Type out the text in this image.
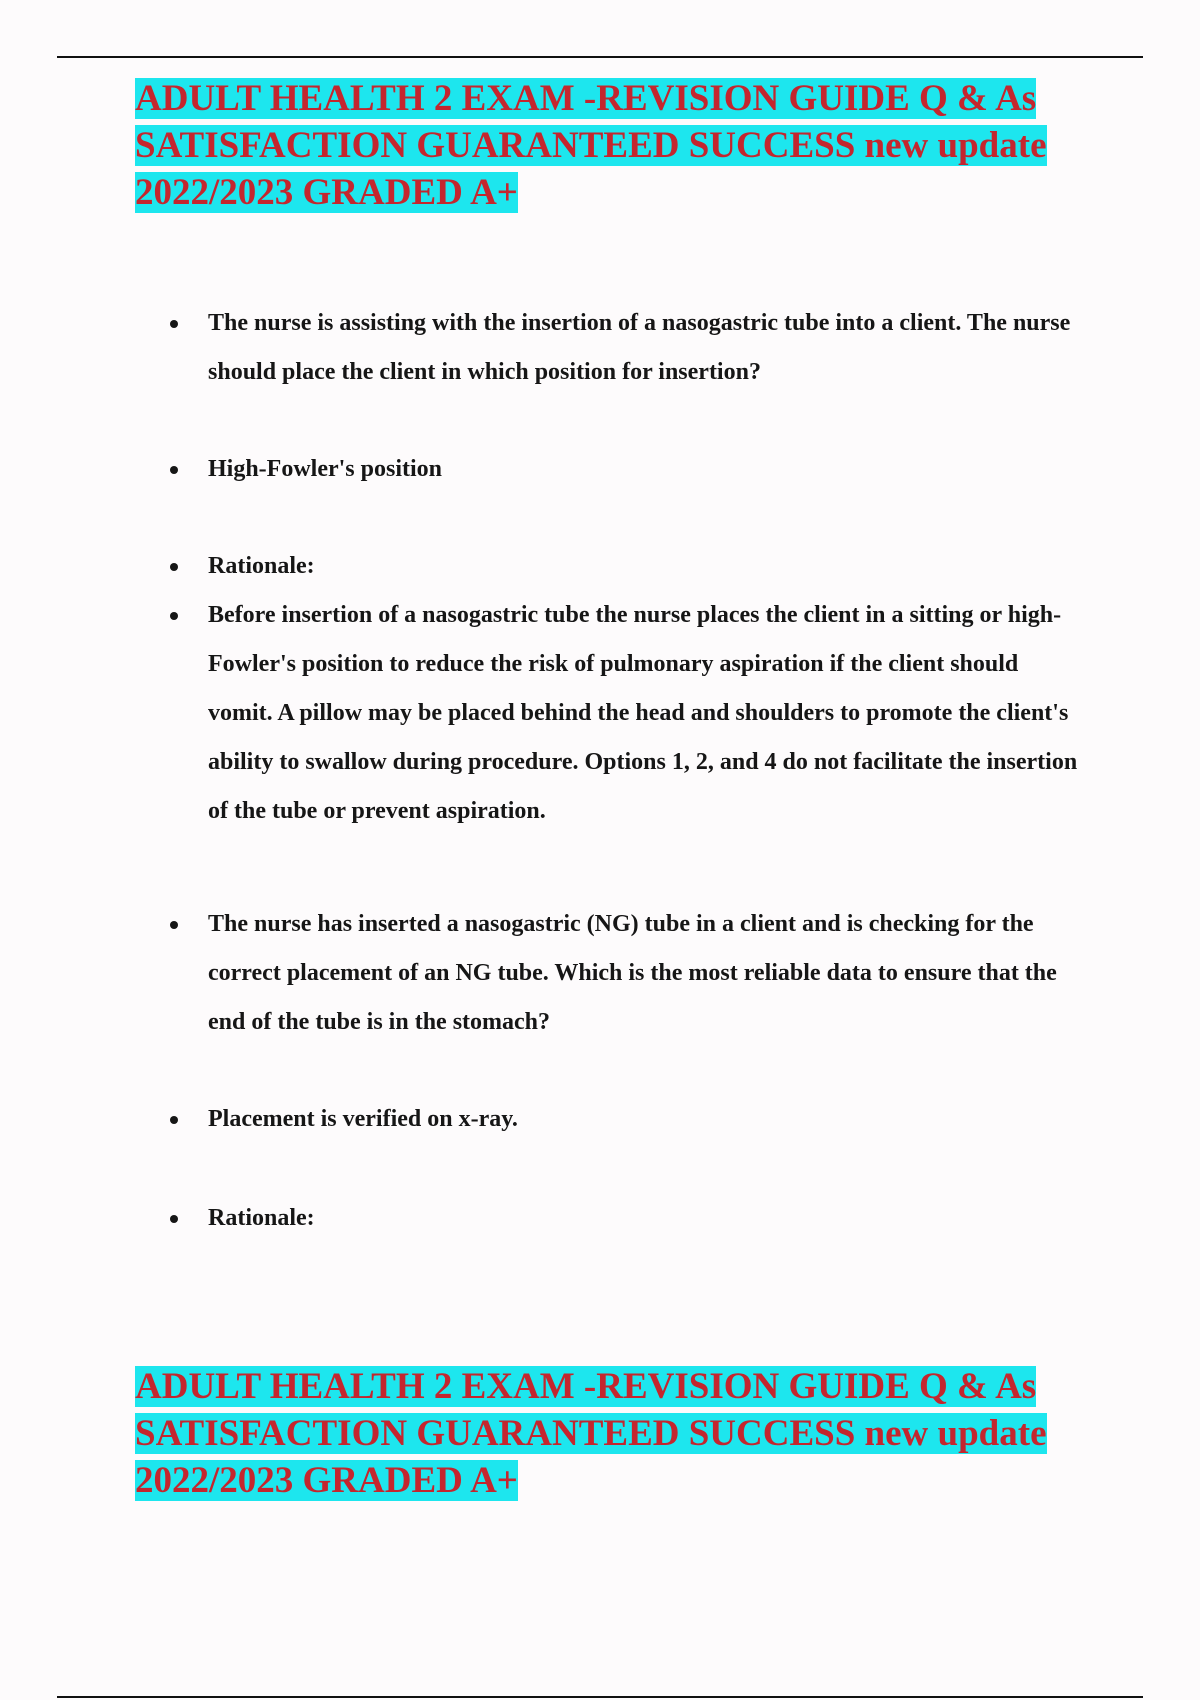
ADULT HEALTH 2 EXAM -REVISION GUIDE Q & As SATISFACTION GUARANTEED SUCCESS new update 2022/2023 GRADED A+
The nurse is assisting with the insertion of a nasogastric tube into a client. The nurse should place the client in which position for insertion?
High-Fowler's position
Rationale:
Before insertion of a nasogastric tube the nurse places the client in a sitting or high-Fowler's position to reduce the risk of pulmonary aspiration if the client should vomit. A pillow may be placed behind the head and shoulders to promote the client's ability to swallow during procedure. Options 1, 2, and 4 do not facilitate the insertion of the tube or prevent aspiration.
The nurse has inserted a nasogastric (NG) tube in a client and is checking for the correct placement of an NG tube. Which is the most reliable data to ensure that the end of the tube is in the stomach?
Placement is verified on x-ray.
Rationale:
ADULT HEALTH 2 EXAM -REVISION GUIDE Q & As SATISFACTION GUARANTEED SUCCESS new update 2022/2023 GRADED A+
